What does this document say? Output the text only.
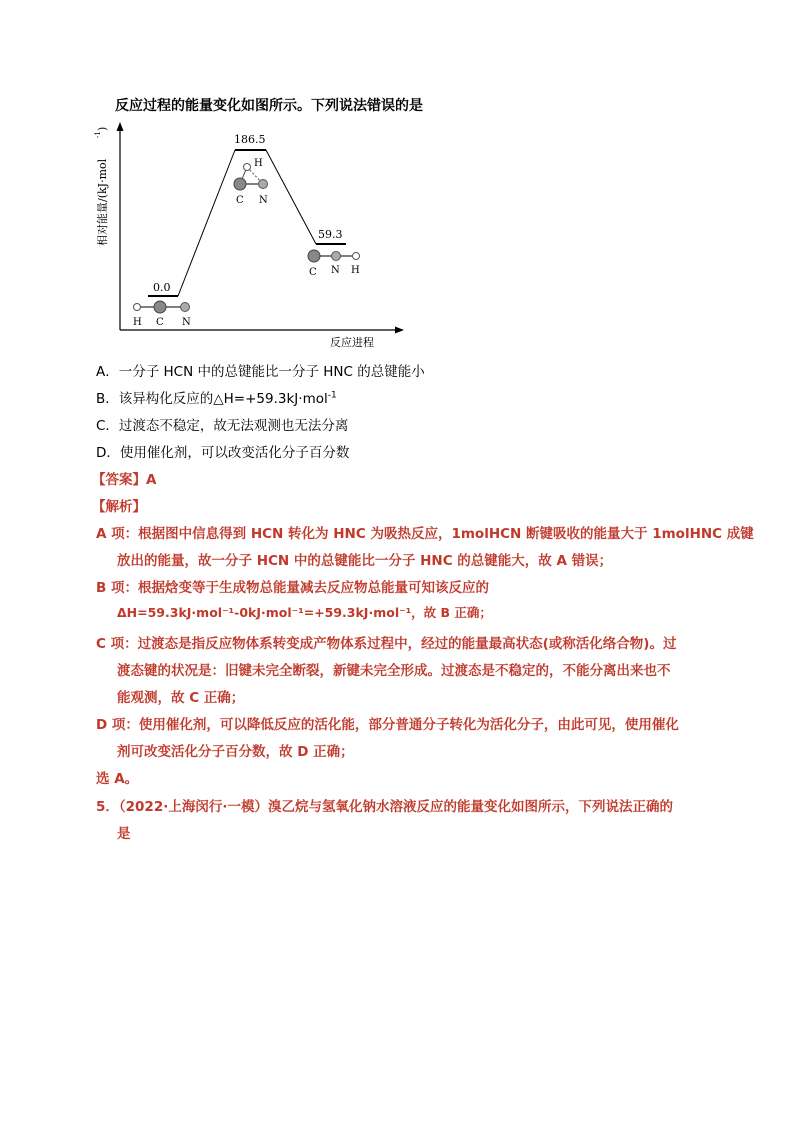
反应过程的能量变化如图所示。下列说法错误的是
相对能量/(kJ·mol
-1
)
反应进程
0.0
186.5
59.3
H C N
H
C N
C N H
A．一分子 HCN 中的总键能比一分子 HNC 的总键能小
B．该异构化反应的△H=+59.3kJ·mol$^{-1}$
C．过渡态不稳定，故无法观测也无法分离
D．使用催化剂，可以改变活化分子百分数
【答案】A
【解析】
A 项：根据图中信息得到 HCN 转化为 HNC 为吸热反应，1molHCN 断键吸收的能量大于 1molHNC 成键
放出的能量，故一分子 HCN 中的总键能比一分子 HNC 的总键能大，故 A 错误；
B 项：根据焓变等于生成物总能量减去反应物总能量可知该反应的
ΔH=59.3kJ·mol⁻¹-0kJ·mol⁻¹=+59.3kJ·mol⁻¹，故 B 正确；
C 项：过渡态是指反应物体系转变成产物体系过程中，经过的能量最高状态(或称活化络合物)。过
渡态键的状况是：旧键未完全断裂，新键未完全形成。过渡态是不稳定的，不能分离出来也不
能观测，故 C 正确；
D 项：使用催化剂，可以降低反应的活化能，部分普通分子转化为活化分子，由此可见，使用催化
剂可改变活化分子百分数，故 D 正确；
选 A。
5．（2022·上海闵行·一模）溴乙烷与氢氧化钠水溶液反应的能量变化如图所示，下列说法正确的
是
